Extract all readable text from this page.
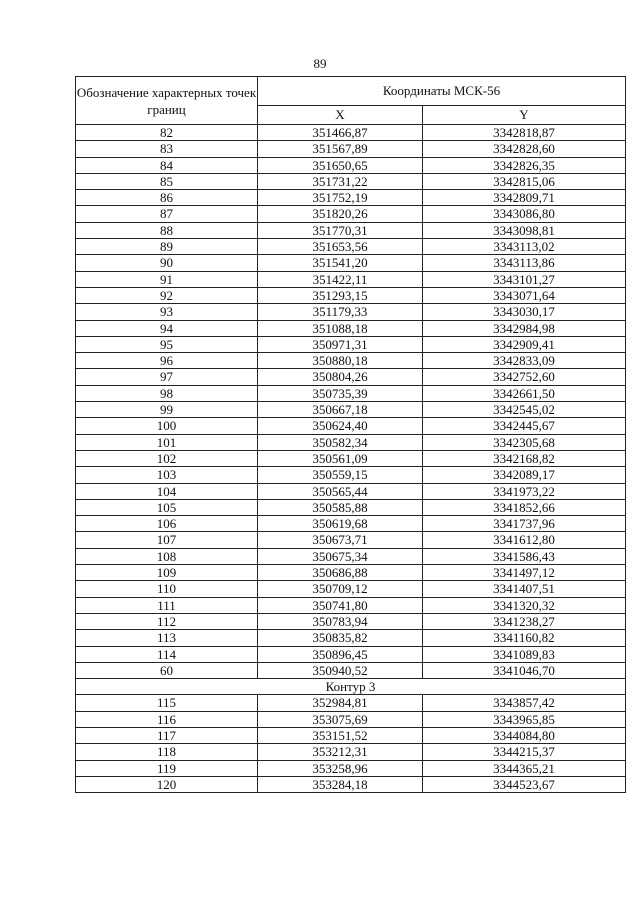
89
Обозначение характерных точек границ	Координаты МСК-56	
	X	Y
82	351466,87	3342818,87
83	351567,89	3342828,60
84	351650,65	3342826,35
85	351731,22	3342815,06
86	351752,19	3342809,71
87	351820,26	3343086,80
88	351770,31	3343098,81
89	351653,56	3343113,02
90	351541,20	3343113,86
91	351422,11	3343101,27
92	351293,15	3343071,64
93	351179,33	3343030,17
94	351088,18	3342984,98
95	350971,31	3342909,41
96	350880,18	3342833,09
97	350804,26	3342752,60
98	350735,39	3342661,50
99	350667,18	3342545,02
100	350624,40	3342445,67
101	350582,34	3342305,68
102	350561,09	3342168,82
103	350559,15	3342089,17
104	350565,44	3341973,22
105	350585,88	3341852,66
106	350619,68	3341737,96
107	350673,71	3341612,80
108	350675,34	3341586,43
109	350686,88	3341497,12
110	350709,12	3341407,51
111	350741,80	3341320,32
112	350783,94	3341238,27
113	350835,82	3341160,82
114	350896,45	3341089,83
60	350940,52	3341046,70
Контур 3		
115	352984,81	3343857,42
116	353075,69	3343965,85
117	353151,52	3344084,80
118	353212,31	3344215,37
119	353258,96	3344365,21
120	353284,18	3344523,67
